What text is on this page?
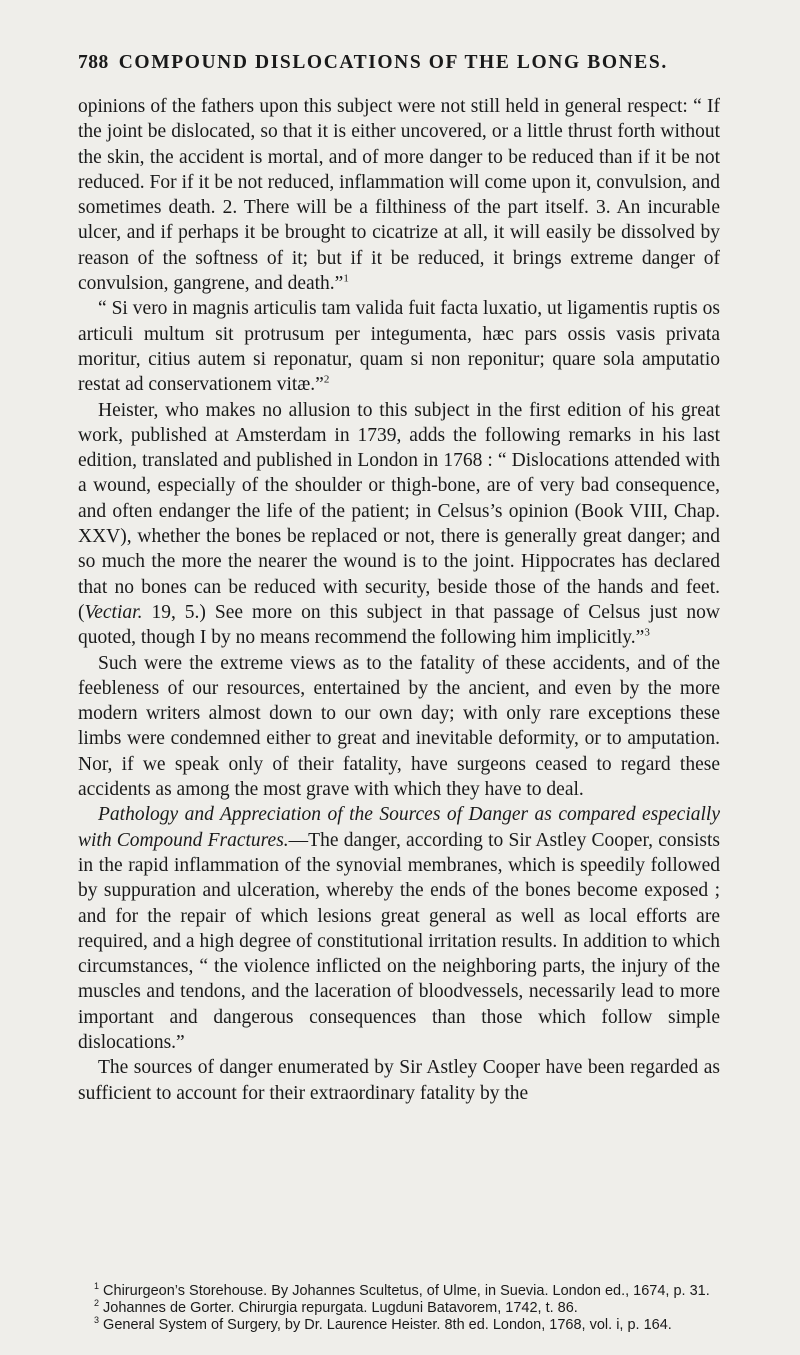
788 COMPOUND DISLOCATIONS OF THE LONG BONES.

opinions of the fathers upon this subject were not still held in general respect: “ If the joint be dislocated, so that it is either uncovered, or a little thrust forth without the skin, the accident is mortal, and of more danger to be reduced than if it be not reduced. For if it be not reduced, inflammation will come upon it, convulsion, and sometimes death. 2. There will be a filthiness of the part itself. 3. An incurable ulcer, and if perhaps it be brought to cicatrize at all, it will easily be dissolved by reason of the softness of it; but if it be reduced, it brings extreme danger of convulsion, gangrene, and death.”$^1$

“ Si vero in magnis articulis tam valida fuit facta luxatio, ut ligamentis ruptis os articuli multum sit protrusum per integumenta, hæc pars ossis vasis privata moritur, citius autem si reponatur, quam si non reponitur; quare sola amputatio restat ad conservationem vitæ.”$^2$

Heister, who makes no allusion to this subject in the first edition of his great work, published at Amsterdam in 1739, adds the following remarks in his last edition, translated and published in London in 1768 : “ Dislocations attended with a wound, especially of the shoulder or thigh-bone, are of very bad consequence, and often endanger the life of the patient; in Celsus’s opinion (Book VIII, Chap. XXV), whether the bones be replaced or not, there is generally great danger; and so much the more the nearer the wound is to the joint. Hippocrates has declared that no bones can be reduced with security, beside those of the hands and feet. (Vectiar. 19, 5.) See more on this subject in that passage of Celsus just now quoted, though I by no means recommend the following him implicitly.”$^3$

Such were the extreme views as to the fatality of these accidents, and of the feebleness of our resources, entertained by the ancient, and even by the more modern writers almost down to our own day; with only rare exceptions these limbs were condemned either to great and inevitable deformity, or to amputation. Nor, if we speak only of their fatality, have surgeons ceased to regard these accidents as among the most grave with which they have to deal.

Pathology and Appreciation of the Sources of Danger as compared especially with Compound Fractures.—The danger, according to Sir Astley Cooper, consists in the rapid inflammation of the synovial membranes, which is speedily followed by suppuration and ulceration, whereby the ends of the bones become exposed ; and for the repair of which lesions great general as well as local efforts are required, and a high degree of constitutional irritation results. In addition to which circumstances, “ the violence inflicted on the neighboring parts, the injury of the muscles and tendons, and the laceration of bloodvessels, necessarily lead to more important and dangerous consequences than those which follow simple dislocations.”

The sources of danger enumerated by Sir Astley Cooper have been regarded as sufficient to account for their extraordinary fatality by the

$^1$ Chirurgeon’s Storehouse. By Johannes Scultetus, of Ulme, in Suevia. London ed., 1674, p. 31.

$^2$ Johannes de Gorter. Chirurgia repurgata. Lugduni Batavorem, 1742, t. 86.

$^3$ General System of Surgery, by Dr. Laurence Heister. 8th ed. London, 1768, vol. i, p. 164.
